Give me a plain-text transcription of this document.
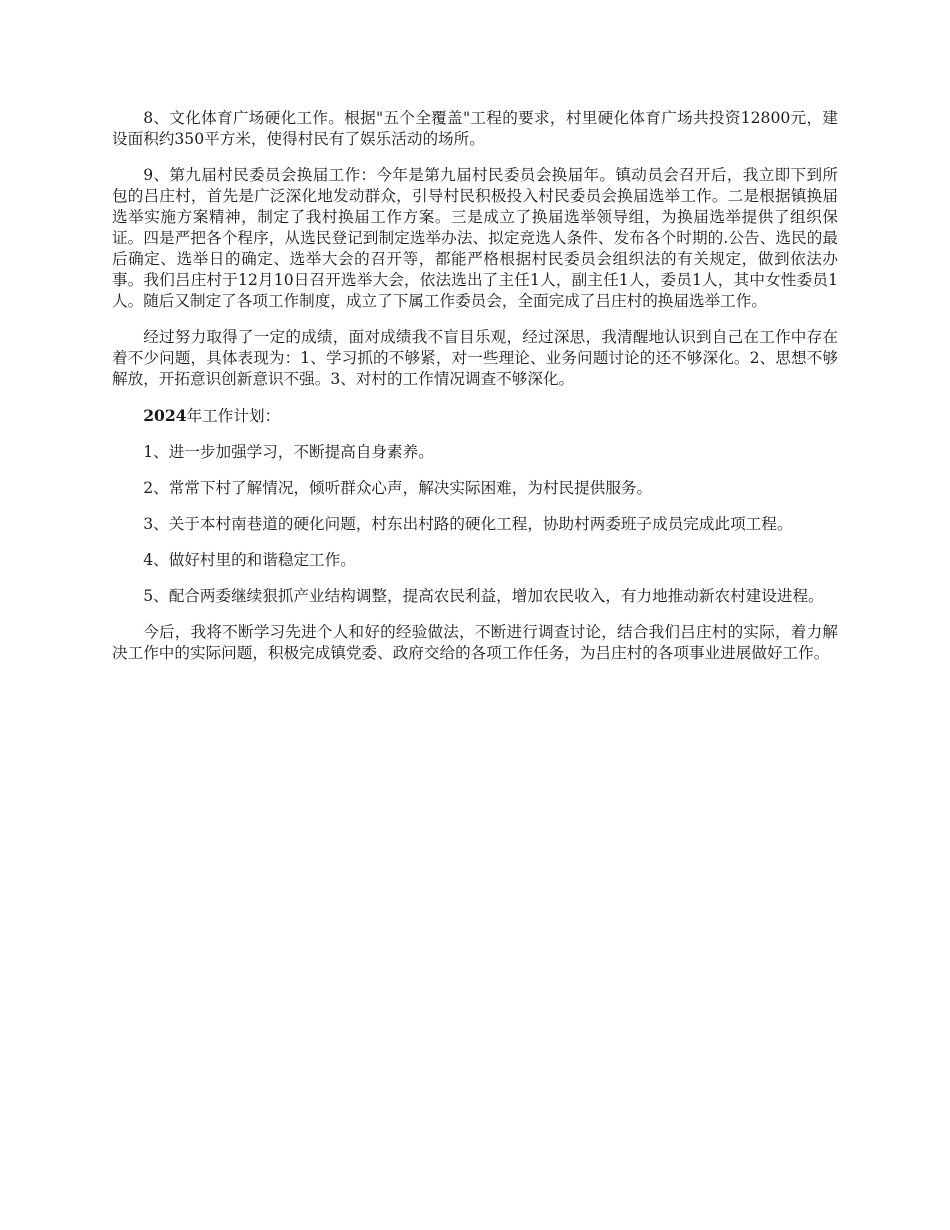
8、文化体育广场硬化工作。根据"五个全覆盖"工程的要求，村里硬化体育广场共投资12800元，建设面积约350平方米，使得村民有了娱乐活动的场所。

9、第九届村民委员会换届工作：今年是第九届村民委员会换届年。镇动员会召开后，我立即下到所包的吕庄村，首先是广泛深化地发动群众，引导村民积极投入村民委员会换届选举工作。二是根据镇换届选举实施方案精神，制定了我村换届工作方案。三是成立了换届选举领导组，为换届选举提供了组织保证。四是严把各个程序，从选民登记到制定选举办法、拟定竞选人条件、发布各个时期的.公告、选民的最后确定、选举日的确定、选举大会的召开等，都能严格根据村民委员会组织法的有关规定，做到依法办事。我们吕庄村于12月10日召开选举大会，依法选出了主任1人，副主任1人，委员1人，其中女性委员1人。随后又制定了各项工作制度，成立了下属工作委员会，全面完成了吕庄村的换届选举工作。

经过努力取得了一定的成绩，面对成绩我不盲目乐观，经过深思，我清醒地认识到自己在工作中存在着不少问题，具体表现为：1、学习抓的不够紧，对一些理论、业务问题讨论的还不够深化。2、思想不够解放，开拓意识创新意识不强。3、对村的工作情况调查不够深化。

2024年工作计划：

1、进一步加强学习，不断提高自身素养。

2、常常下村了解情况，倾听群众心声，解决实际困难，为村民提供服务。

3、关于本村南巷道的硬化问题，村东出村路的硬化工程，协助村两委班子成员完成此项工程。

4、做好村里的和谐稳定工作。

5、配合两委继续狠抓产业结构调整，提高农民利益，增加农民收入，有力地推动新农村建设进程。

今后，我将不断学习先进个人和好的经验做法，不断进行调查讨论，结合我们吕庄村的实际，着力解决工作中的实际问题，积极完成镇党委、政府交给的各项工作任务，为吕庄村的各项事业进展做好工作。
